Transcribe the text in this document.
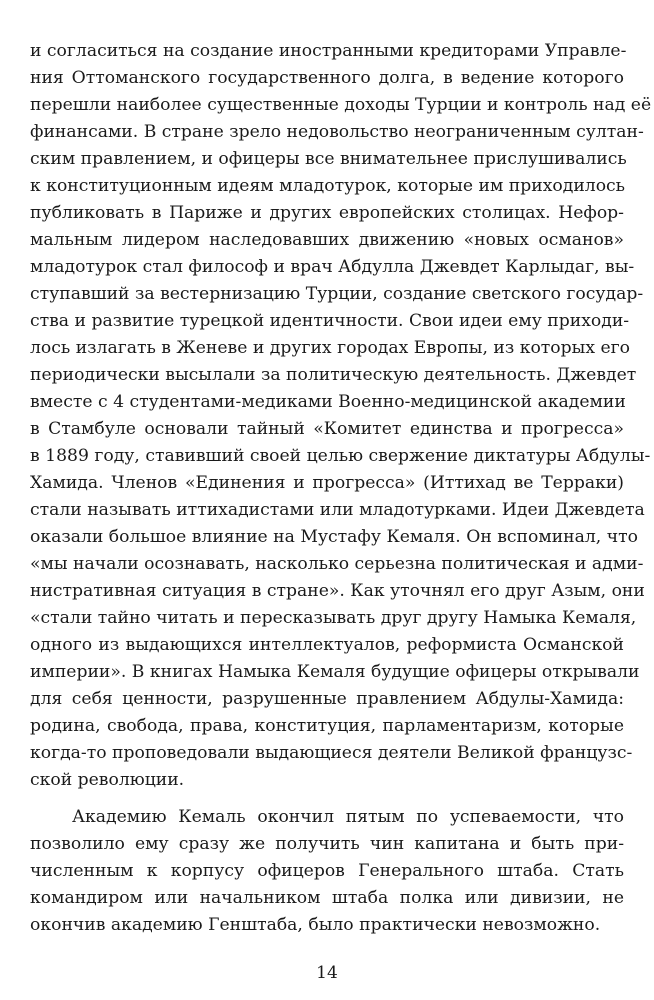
и согласиться на создание иностранными кредиторами Управле-
ния Оттоманского государственного долга, в ведение которого
перешли наиболее существенные доходы Турции и контроль над её
финансами. В стране зрело недовольство неограниченным султан-
ским правлением, и офицеры все внимательнее прислушивались
к конституционным идеям младотурок, которые им приходилось
публиковать в Париже и других европейских столицах. Нефор-
мальным лидером наследовавших движению «новых османов»
младотурок стал философ и врач Абдулла Джевдет Карлыдаг, вы-
ступавший за вестернизацию Турции, создание светского государ-
ства и развитие турецкой идентичности. Свои идеи ему приходи-
лось излагать в Женеве и других городах Европы, из которых его
периодически высылали за политическую деятельность. Джевдет
вместе с 4 студентами-медиками Военно-медицинской академии
в Стамбуле основали тайный «Комитет единства и прогресса»
в 1889 году, ставивший своей целью свержение диктатуры Абдулы-
Хамида. Членов «Единения и прогресса» (Иттихад ве Терраки)
стали называть иттихадистами или младотурками. Идеи Джевдета
оказали большое влияние на Мустафу Кемаля. Он вспоминал, что
«мы начали осознавать, насколько серьезна политическая и адми-
нистративная ситуация в стране». Как уточнял его друг Азым, они
«стали тайно читать и пересказывать друг другу Намыка Кемаля,
одного из выдающихся интеллектуалов, реформиста Османской
империи». В книгах Намыка Кемаля будущие офицеры открывали
для себя ценности, разрушенные правлением Абдулы-Хамида:
родина, свобода, права, конституция, парламентаризм, которые
когда-то проповедовали выдающиеся деятели Великой французс-
ской революции.
Академию Кемаль окончил пятым по успеваемости, что
позволило ему сразу же получить чин капитана и быть при-
численным к корпусу офицеров Генерального штаба. Стать
командиром или начальником штаба полка или дивизии, не
окончив академию Генштаба, было практически невозможно.
14
